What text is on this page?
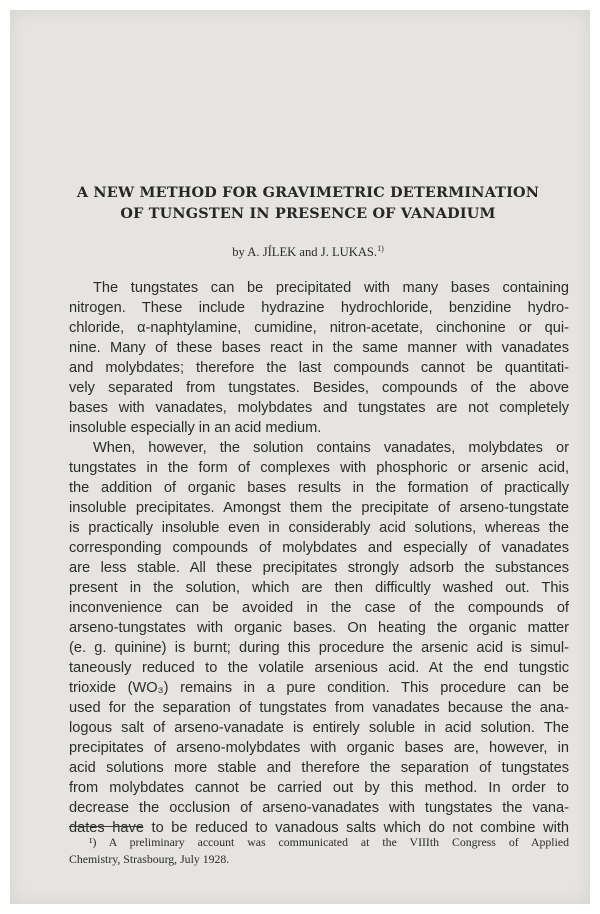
A NEW METHOD FOR GRAVIMETRIC DETERMINATION
OF TUNGSTEN IN PRESENCE OF VANADIUM
by A. JÍLEK and J. LUKAS.$^{1)}$
The tungstates can be precipitated with many bases containing
nitrogen. These include hydrazine hydrochloride, benzidine hydro-
chloride, α-naphtylamine, cumidine, nitron-acetate, cinchonine or qui-
nine. Many of these bases react in the same manner with vanadates
and molybdates; therefore the last compounds cannot be quantitati-
vely separated from tungstates. Besides, compounds of the above
bases with vanadates, molybdates and tungstates are not completely
insoluble especially in an acid medium.
When, however, the solution contains vanadates, molybdates or
tungstates in the form of complexes with phosphoric or arsenic acid,
the addition of organic bases results in the formation of practically
insoluble precipitates. Amongst them the precipitate of arseno-tungstate
is practically insoluble even in considerably acid solutions, whereas the
corresponding compounds of molybdates and especially of vanadates
are less stable. All these precipitates strongly adsorb the substances
present in the solution, which are then difficultly washed out. This
inconvenience can be avoided in the case of the compounds of
arseno-tungstates with organic bases. On heating the organic matter
(e. g. quinine) is burnt; during this procedure the arsenic acid is simul-
taneously reduced to the volatile arsenious acid. At the end tungstic
trioxide (WO₃) remains in a pure condition. This procedure can be
used for the separation of tungstates from vanadates because the ana-
logous salt of arseno-vanadate is entirely soluble in acid solution. The
precipitates of arseno-molybdates with organic bases are, however, in
acid solutions more stable and therefore the separation of tungstates
from molybdates cannot be carried out by this method. In order to
decrease the occlusion of arseno-vanadates with tungstates the vana-
dates have to be reduced to vanadous salts which do not combine with
¹) A preliminary account was communicated at the VIIIth Congress of Applied
Chemistry, Strasbourg, July 1928.
